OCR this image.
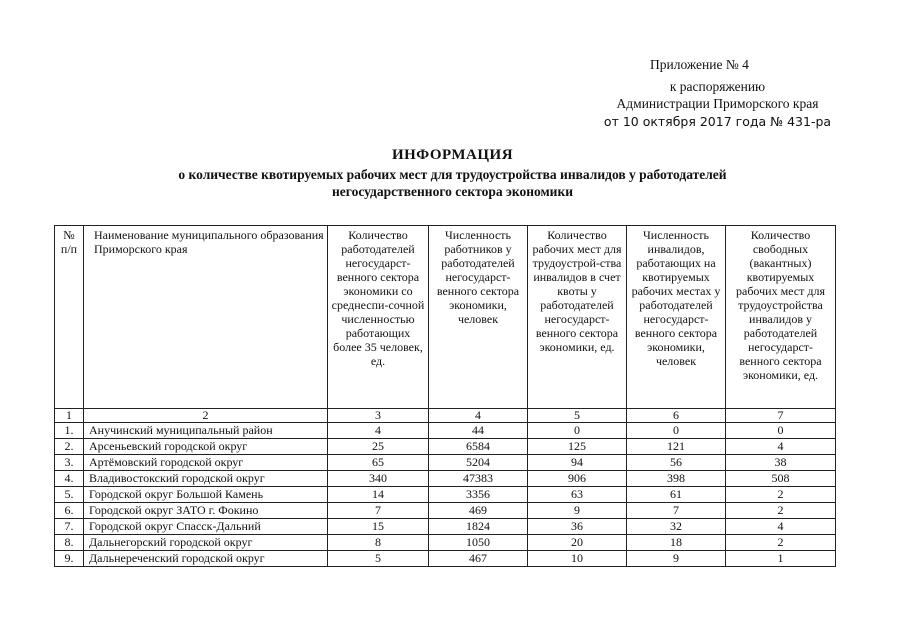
Приложение № 4
к распоряжению
Администрации Приморского края
от 10 октября 2017 года № 431-ра
ИНФОРМАЦИЯ
о количестве квотируемых рабочих мест для трудоустройства инвалидов у работодателей
негосударственного сектора экономики
№ п/п	Наименование муниципального образования Приморского края	Количество работодателей негосударст-венного сектора экономики со среднеспи-сочной численностью работающих более 35 человек, ед.	Численность работников у работодателей негосударст-венного сектора экономики, человек	Количество рабочих мест для трудоустрой-ства инвалидов в счет квоты у работодателей негосударст-венного сектора экономики, ед.	Численность инвалидов, работающих на квотируемых рабочих местах у работодателей негосударст-венного сектора экономики, человек	Количество свободных (вакантных) квотируемых рабочих мест для трудоустройства инвалидов у работодателей негосударст-венного сектора экономики, ед.
1	2	3	4	5	6	7
1.	Анучинский муниципальный район	4	44	0	0	0
2.	Арсеньевский городской округ	25	6584	125	121	4
3.	Артёмовский городской округ	65	5204	94	56	38
4.	Владивостокский городской округ	340	47383	906	398	508
5.	Городской округ Большой Камень	14	3356	63	61	2
6.	Городской округ ЗАТО г. Фокино	7	469	9	7	2
7.	Городской округ Спасск-Дальний	15	1824	36	32	4
8.	Дальнегорский городской округ	8	1050	20	18	2
9.	Дальнереченский городской округ	5	467	10	9	1
